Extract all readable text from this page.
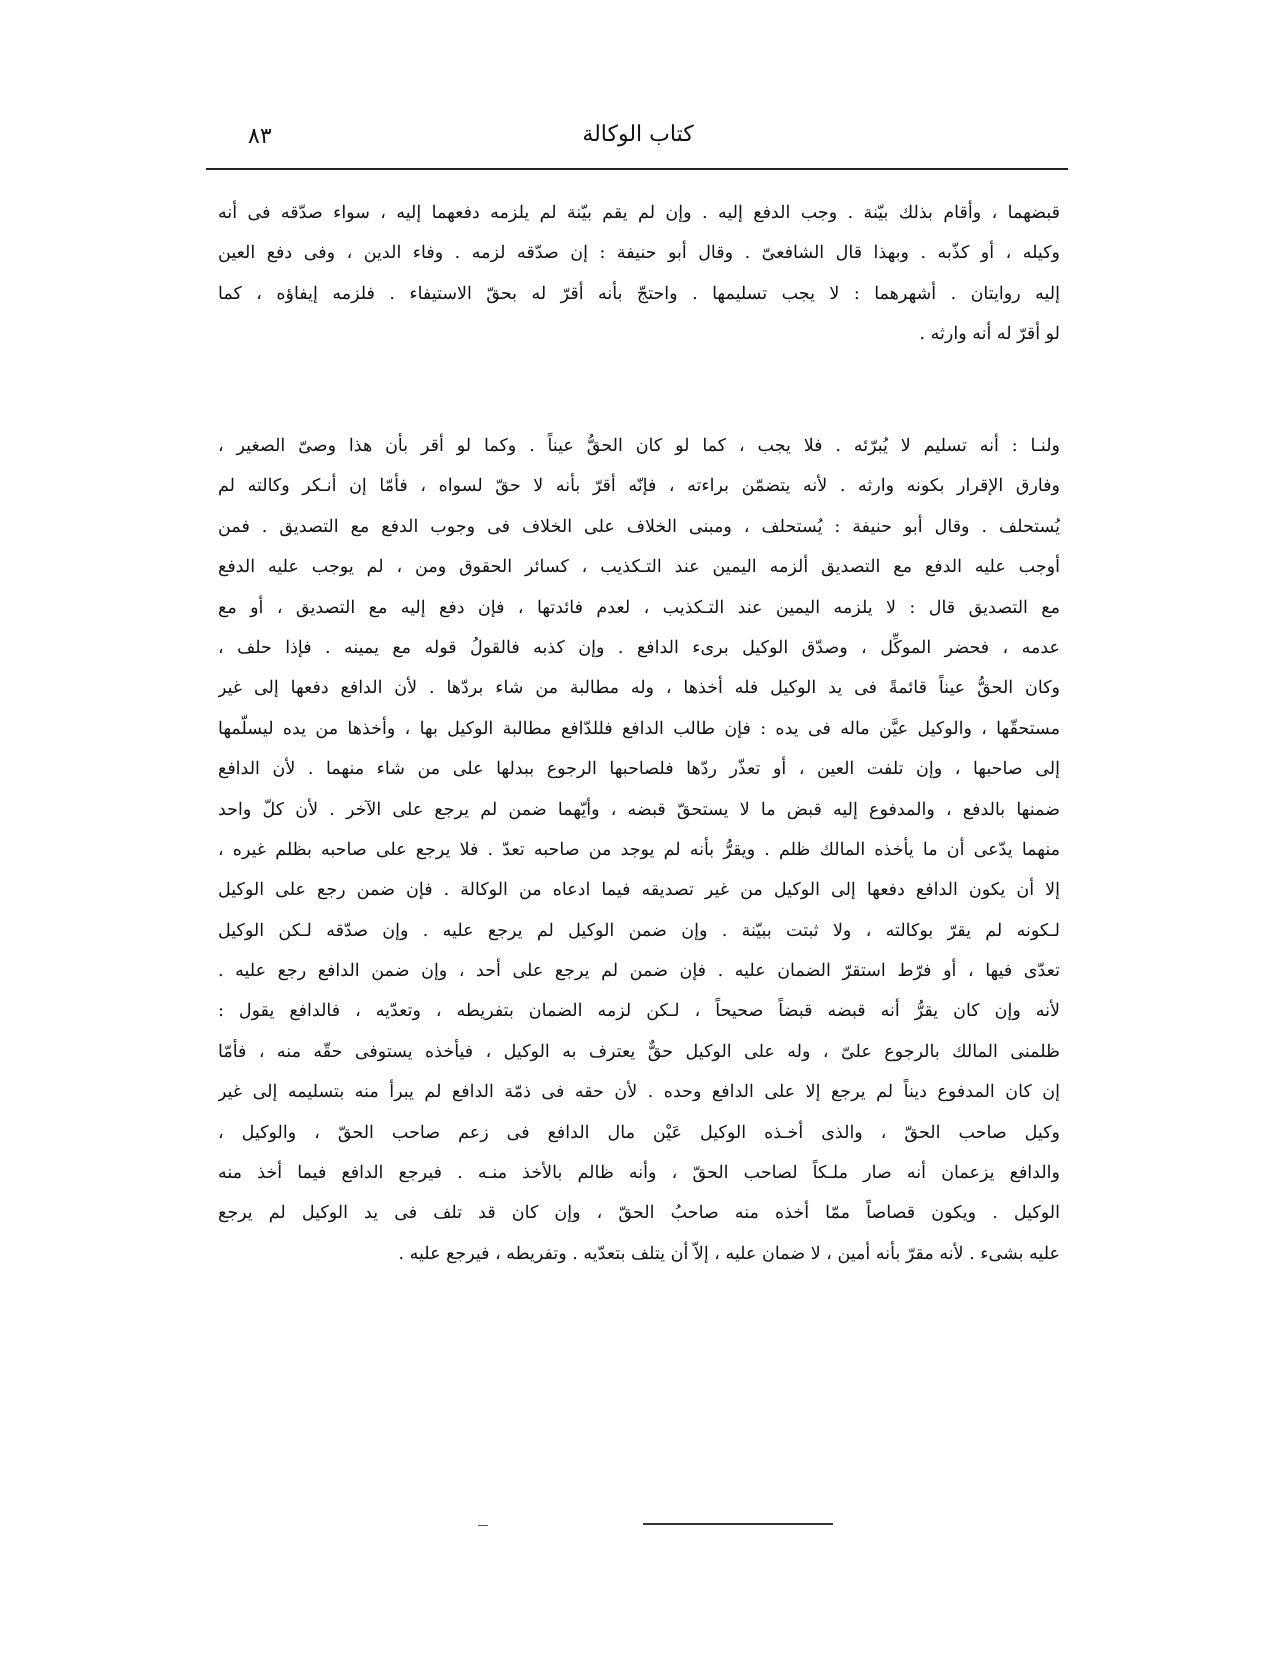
كتاب الوكالة
٨٣
قبضهما ، وأقام بذلك بيّنة . وجب الدفع إليه . وإن لم يقم بيّنة لم يلزمه دفعهما إليه ، سواء صدّقه فى أنه
وكيله ، أو كذّبه . وبهذا قال الشافعىّ . وقال أبو حنيفة : إن صدّقه لزمه . وفاء الدين ، وفى دفع العين
إليه روايتان . أشهرهما : لا يجب تسليمها . واحتجّ بأنه أقرّ له بحقّ الاستيفاء . فلزمه إيفاؤه ، كما
لو أقرّ له أنه وارثه .
ولنـا : أنه تسليم لا يُبرّئه . فلا يجب ، كما لو كان الحقُّ عيناً . وكما لو أقر بأن هذا وصىّ الصغير ،
وفارق الإقرار بكونه وارثه . لأنه يتضمّن براءته ، فإنّه أقرّ بأنه لا حقّ لسواه ، فأمّا إن أنـكر وكالته لم
يُستحلف . وقال أبو حنيفة : يُستحلف ، ومبنى الخلاف على الخلاف فى وجوب الدفع مع التصديق . فمن
أوجب عليه الدفع مع التصديق ألزمه اليمين عند التـكذيب ، كسائر الحقوق ومن ، لم يوجب عليه الدفع
مع التصديق قال : لا يلزمه اليمين عند التـكذيب ، لعدم فائدتها ، فإن دفع إليه مع التصديق ، أو مع
عدمه ، فحضر الموكِّل ، وصدّق الوكيل برىء الدافع . وإن كذبه فالقولُ قوله مع يمينه . فإذا حلف ،
وكان الحقُّ عيناً قائمةً فى يد الوكيل فله أخذها ، وله مطالبة من شاء بردّها . لأن الدافع دفعها إلى غير
مستحقّها ، والوكيل عيَّن ماله فى يده : فإن طالب الدافع فللدّافع مطالبة الوكيل بها ، وأخذها من يده ليسلّمها
إلى صاحبها ، وإن تلفت العين ، أو تعذّر ردّها فلصاحبها الرجوع ببدلها على من شاء منهما . لأن الدافع
ضمنها بالدفع ، والمدفوع إليه قبض ما لا يستحقّ قبضه ، وأيّهما ضمن لم يرجع على الآخر . لأن كلّ واحد
منهما يدّعى أن ما يأخذه المالك ظلم . ويقرُّ بأنه لم يوجد من صاحبه تعدّ . فلا يرجع على صاحبه بظلم غيره ،
إلا أن يكون الدافع دفعها إلى الوكيل من غير تصديقه فيما ادعاه من الوكالة . فإن ضمن رجع على الوكيل
لـكونه لم يقرّ بوكالته ، ولا ثبتت ببيّنة . وإن ضمن الوكيل لم يرجع عليه . وإن صدّقه لـكن الوكيل
تعدّى فيها ، أو فرّط استقرّ الضمان عليه . فإن ضمن لم يرجع على أحد ، وإن ضمن الدافع رجع عليه .
لأنه وإن كان يقرُّ أنه قبضه قبضاً صحيحاً ، لـكن لزمه الضمان بتفريطه ، وتعدّيه ، فالدافع يقول :
ظلمنى المالك بالرجوع علىّ ، وله على الوكيل حقٌّ يعترف به الوكيل ، فيأخذه يستوفى حقّه منه ، فأمّا
إن كان المدفوع ديناً لم يرجع إلا على الدافع وحده . لأن حقه فى ذمّة الدافع لم يبرأ منه بتسليمه إلى غير
وكيل صاحب الحقّ ، والذى أخـذه الوكيل عَيْن مال الدافع فى زعم صاحب الحقّ ، والوكيل ،
والدافع يزعمان أنه صار ملـكاً لصاحب الحقّ ، وأنه ظالم بالأخذ منـه . فيرجع الدافع فيما أخذ منه
الوكيل . ويكون قصاصاً ممّا أخذه منه صاحبُ الحقّ ، وإن كان قد تلف فى يد الوكيل لم يرجع
عليه بشىء . لأنه مقرّ بأنه أمين ، لا ضمان عليه ، إلاّ أن يتلف بتعدّيه . وتفريطه ، فيرجع عليه .
